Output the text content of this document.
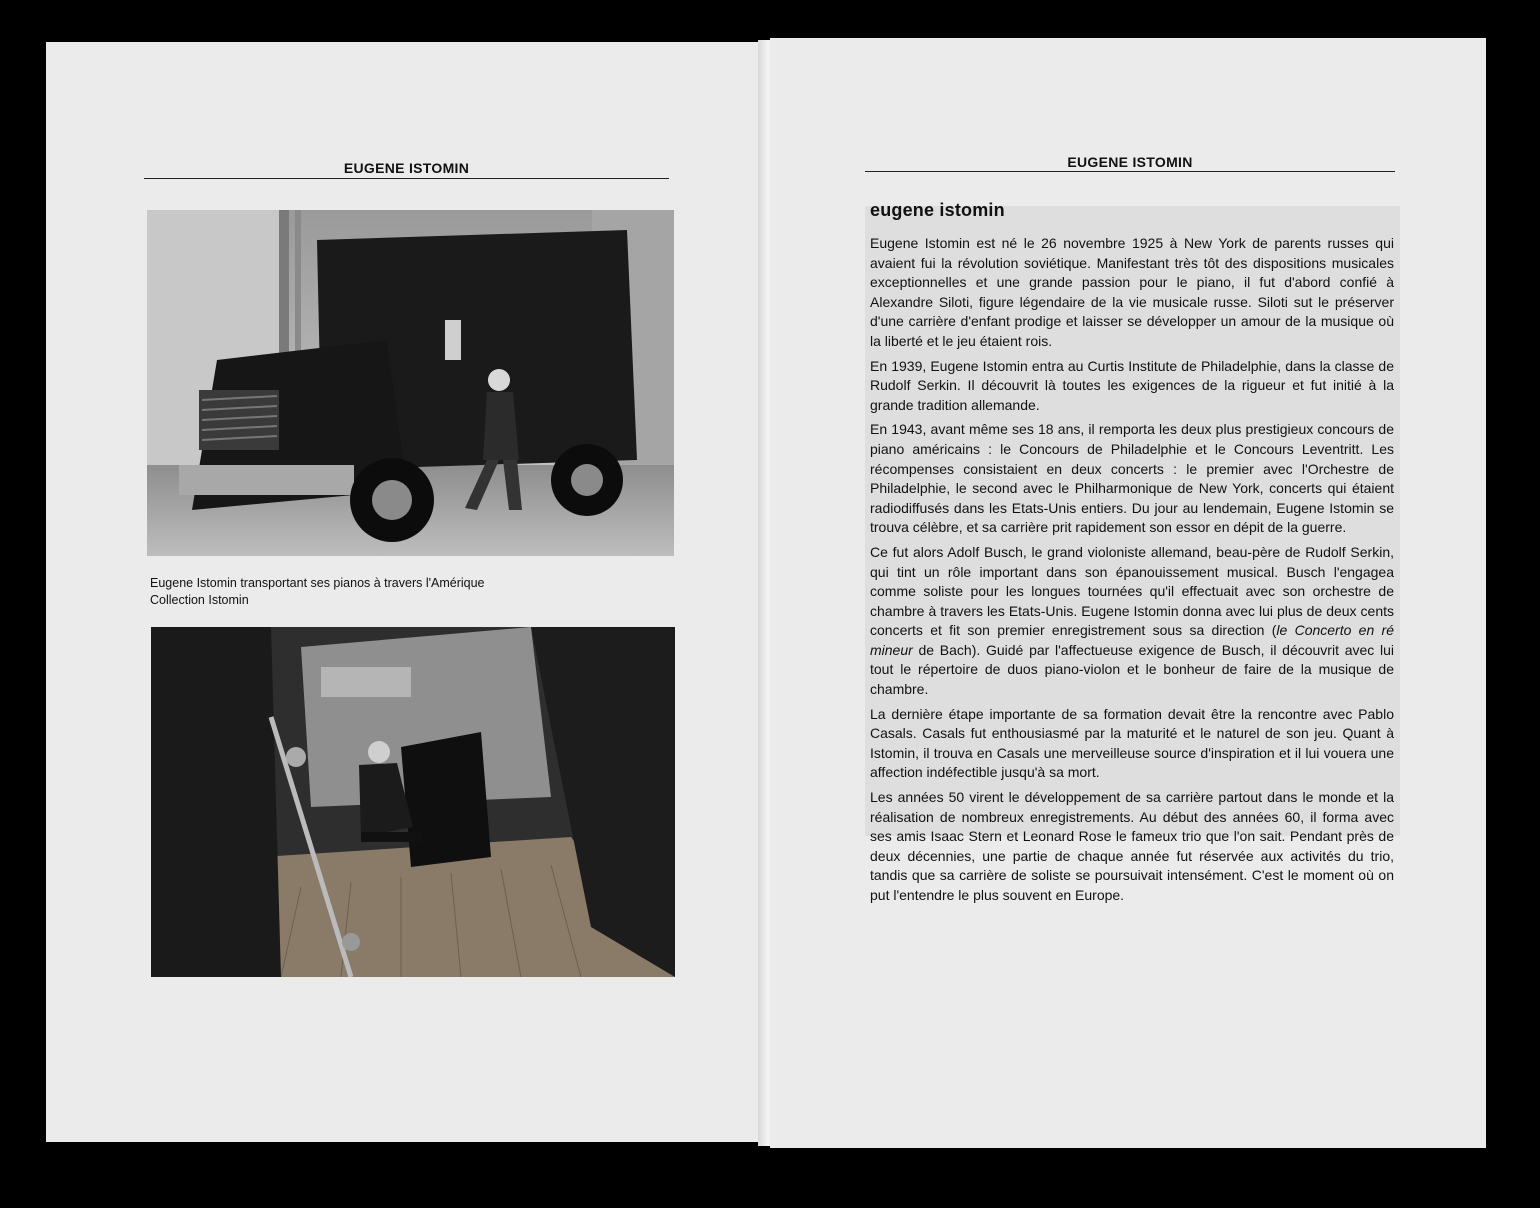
EUGENE ISTOMIN
Eugene Istomin transportant ses pianos à travers l'Amérique
Collection Istomin
EUGENE ISTOMIN
eugene istomin

Eugene Istomin est né le 26 novembre 1925 à New York de parents russes qui avaient fui la révolution soviétique. Manifestant très tôt des dispositions musicales exceptionnelles et une grande passion pour le piano, il fut d'abord confié à Alexandre Siloti, figure légendaire de la vie musicale russe. Siloti sut le préserver d'une carrière d'enfant prodige et laisser se développer un amour de la musique où la liberté et le jeu étaient rois.

En 1939, Eugene Istomin entra au Curtis Institute de Philadelphie, dans la classe de Rudolf Serkin. Il découvrit là toutes les exigences de la rigueur et fut initié à la grande tradition allemande.

En 1943, avant même ses 18 ans, il remporta les deux plus prestigieux concours de piano américains : le Concours de Philadelphie et le Concours Leventritt. Les récompenses consistaient en deux concerts : le premier avec l'Orchestre de Philadelphie, le second avec le Philharmonique de New York, concerts qui étaient radiodiffusés dans les Etats-Unis entiers. Du jour au lendemain, Eugene Istomin se trouva célèbre, et sa carrière prit rapidement son essor en dépit de la guerre.

Ce fut alors Adolf Busch, le grand violoniste allemand, beau-père de Rudolf Serkin, qui tint un rôle important dans son épanouissement musical. Busch l'engagea comme soliste pour les longues tournées qu'il effectuait avec son orchestre de chambre à travers les Etats-Unis. Eugene Istomin donna avec lui plus de deux cents concerts et fit son premier enregistrement sous sa direction (le Concerto en ré mineur de Bach). Guidé par l'affectueuse exigence de Busch, il découvrit avec lui tout le répertoire de duos piano-violon et le bonheur de faire de la musique de chambre.

La dernière étape importante de sa formation devait être la rencontre avec Pablo Casals. Casals fut enthousiasmé par la maturité et le naturel de son jeu. Quant à Istomin, il trouva en Casals une merveilleuse source d'inspiration et il lui vouera une affection indéfectible jusqu'à sa mort.

Les années 50 virent le développement de sa carrière partout dans le monde et la réalisation de nombreux enregistrements. Au début des années 60, il forma avec ses amis Isaac Stern et Leonard Rose le fameux trio que l'on sait. Pendant près de deux décennies, une partie de chaque année fut réservée aux activités du trio, tandis que sa carrière de soliste se poursuivait intensément. C'est le moment où on put l'entendre le plus souvent en Europe.
